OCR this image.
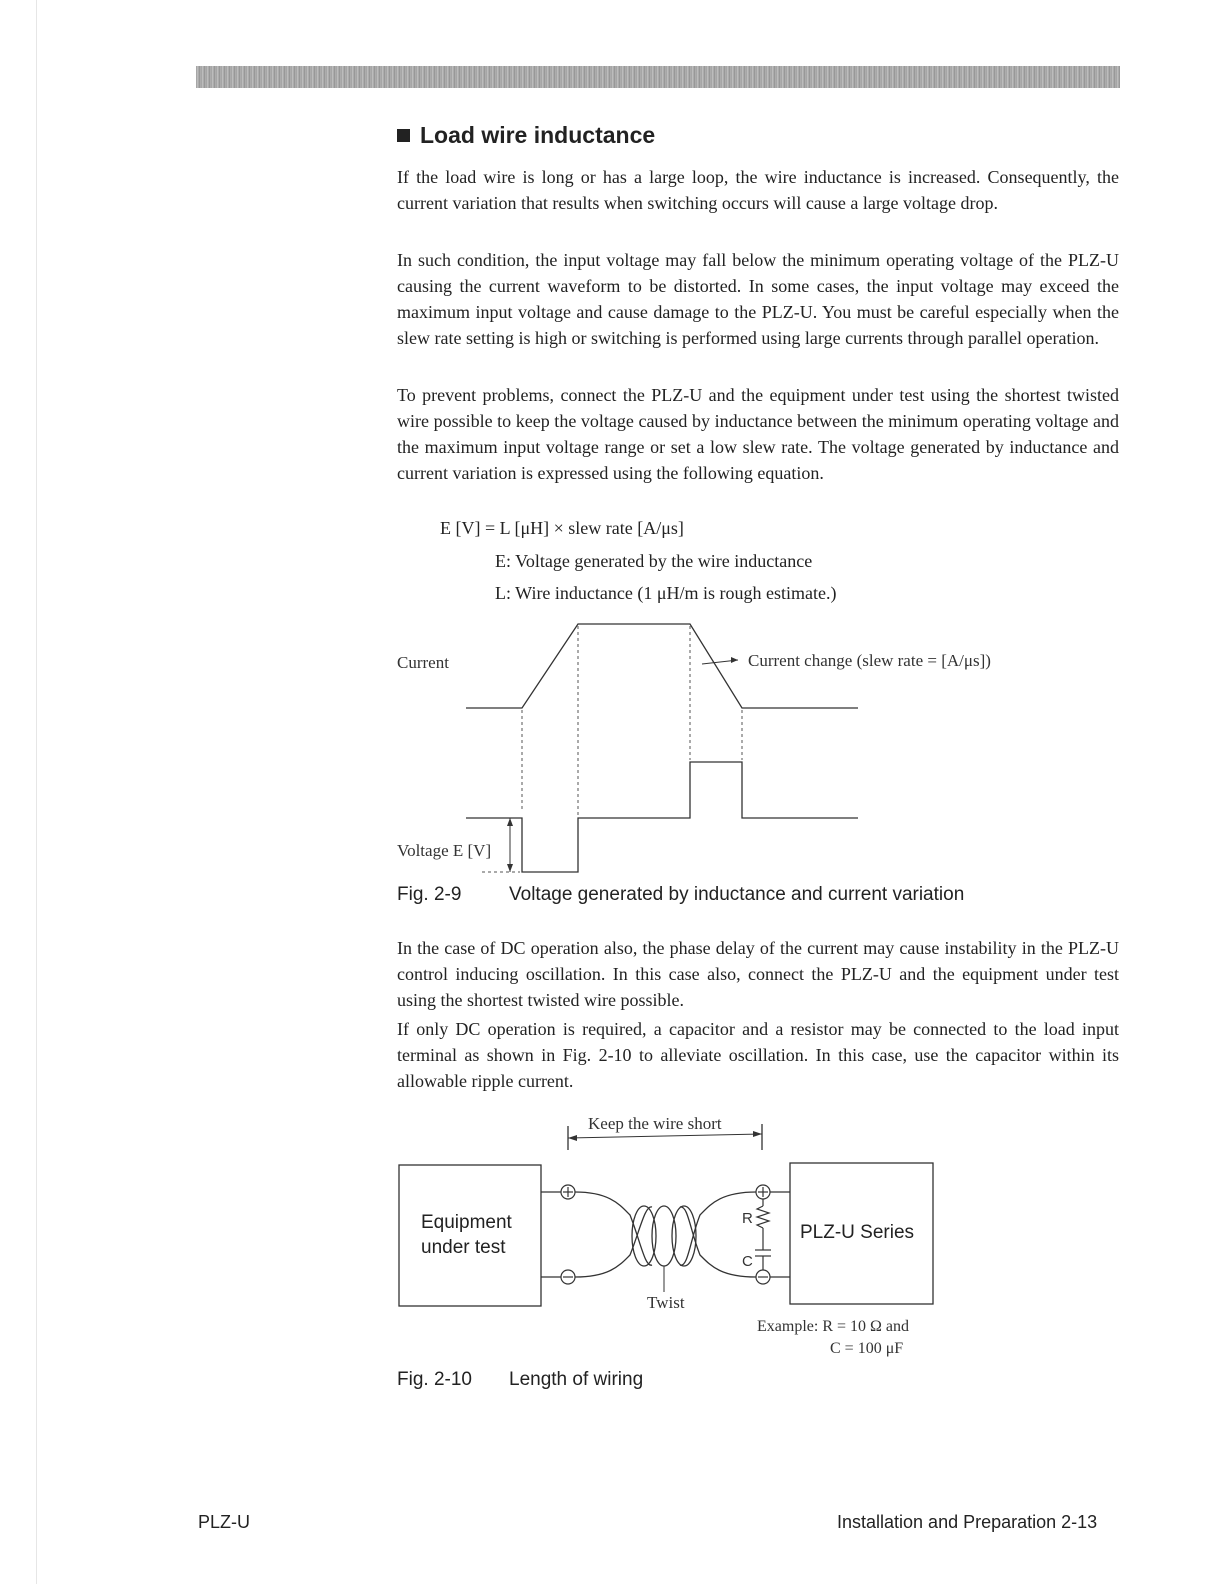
Load wire inductance

If the load wire is long or has a large loop, the wire inductance is increased. Consequently, the current variation that results when switching occurs will cause a large voltage drop.

In such condition, the input voltage may fall below the minimum operating voltage of the PLZ-U causing the current waveform to be distorted. In some cases, the input voltage may exceed the maximum input voltage and cause damage to the PLZ-U. You must be careful especially when the slew rate setting is high or switching is performed using large currents through parallel operation.

To prevent problems, connect the PLZ-U and the equipment under test using the shortest twisted wire possible to keep the voltage caused by inductance between the minimum operating voltage and the maximum input voltage range or set a low slew rate. The voltage generated by inductance and current variation is expressed using the following equation.

E [V] = L [μH] × slew rate [A/μs]

E: Voltage generated by the wire inductance

L: Wire inductance (1 μH/m is rough estimate.)

Current	Current change (slew rate = [A/μs])
Voltage E [V]
Fig. 2-9	Voltage generated by inductance and current variation

In the case of DC operation also, the phase delay of the current may cause instability in the PLZ-U control inducing oscillation. In this case also, connect the PLZ-U and the equipment under test using the shortest twisted wire possible.

If only DC operation is required, a capacitor and a resistor may be connected to the load input terminal as shown in Fig. 2-10 to alleviate oscillation. In this case, use the capacitor within its allowable ripple current.

Keep the wire short
Equipment
under test
PLZ-U Series
Twist
R
C
Example: R = 10 Ω and
C = 100 μF
Fig. 2-10 Length of wiring
PLZ-U	Installation and Preparation 2-13
